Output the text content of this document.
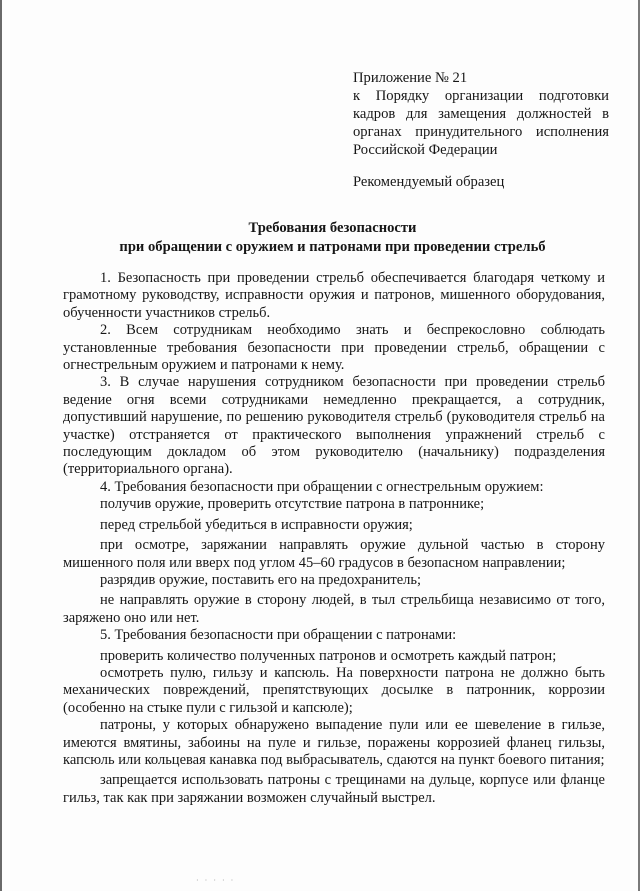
Приложение № 21
к Порядку организации подготовки кадров для замещения должностей в органах принудительного исполнения Российской Федерации
Рекомендуемый образец
Требования безопасности
при обращении с оружием и патронами при проведении стрельб

1. Безопасность при проведении стрельб обеспечивается благодаря четкому и грамотному руководству, исправности оружия и патронов, мишенного оборудования, обученности участников стрельб.

2. Всем сотрудникам необходимо знать и беспрекословно соблюдать установленные требования безопасности при проведении стрельб, обращении с огнестрельным оружием и патронами к нему.

3. В случае нарушения сотрудником безопасности при проведении стрельб ведение огня всеми сотрудниками немедленно прекращается, а сотрудник, допустивший нарушение, по решению руководителя стрельб (руководителя стрельб на участке) отстраняется от практического выполнения упражнений стрельб с последующим докладом об этом руководителю (начальнику) подразделения (территориального органа).

4. Требования безопасности при обращении с огнестрельным оружием:

получив оружие, проверить отсутствие патрона в патроннике;

перед стрельбой убедиться в исправности оружия;

при осмотре, заряжании направлять оружие дульной частью в сторону мишенного поля или вверх под углом 45–60 градусов в безопасном направлении;

разрядив оружие, поставить его на предохранитель;

не направлять оружие в сторону людей, в тыл стрельбища независимо от того, заряжено оно или нет.

5. Требования безопасности при обращении с патронами:

проверить количество полученных патронов и осмотреть каждый патрон;

осмотреть пулю, гильзу и капсюль. На поверхности патрона не должно быть механических повреждений, препятствующих досылке в патронник, коррозии (особенно на стыке пули с гильзой и капсюле);

патроны, у которых обнаружено выпадение пули или ее шевеление в гильзе, имеются вмятины, забоины на пуле и гильзе, поражены коррозией фланец гильзы, капсюль или кольцевая канавка под выбрасыватель, сдаются на пункт боевого питания;

запрещается использовать патроны с трещинами на дульце, корпусе или фланце гильз, так как при заряжании возможен случайный выстрел.

· · · · ·
